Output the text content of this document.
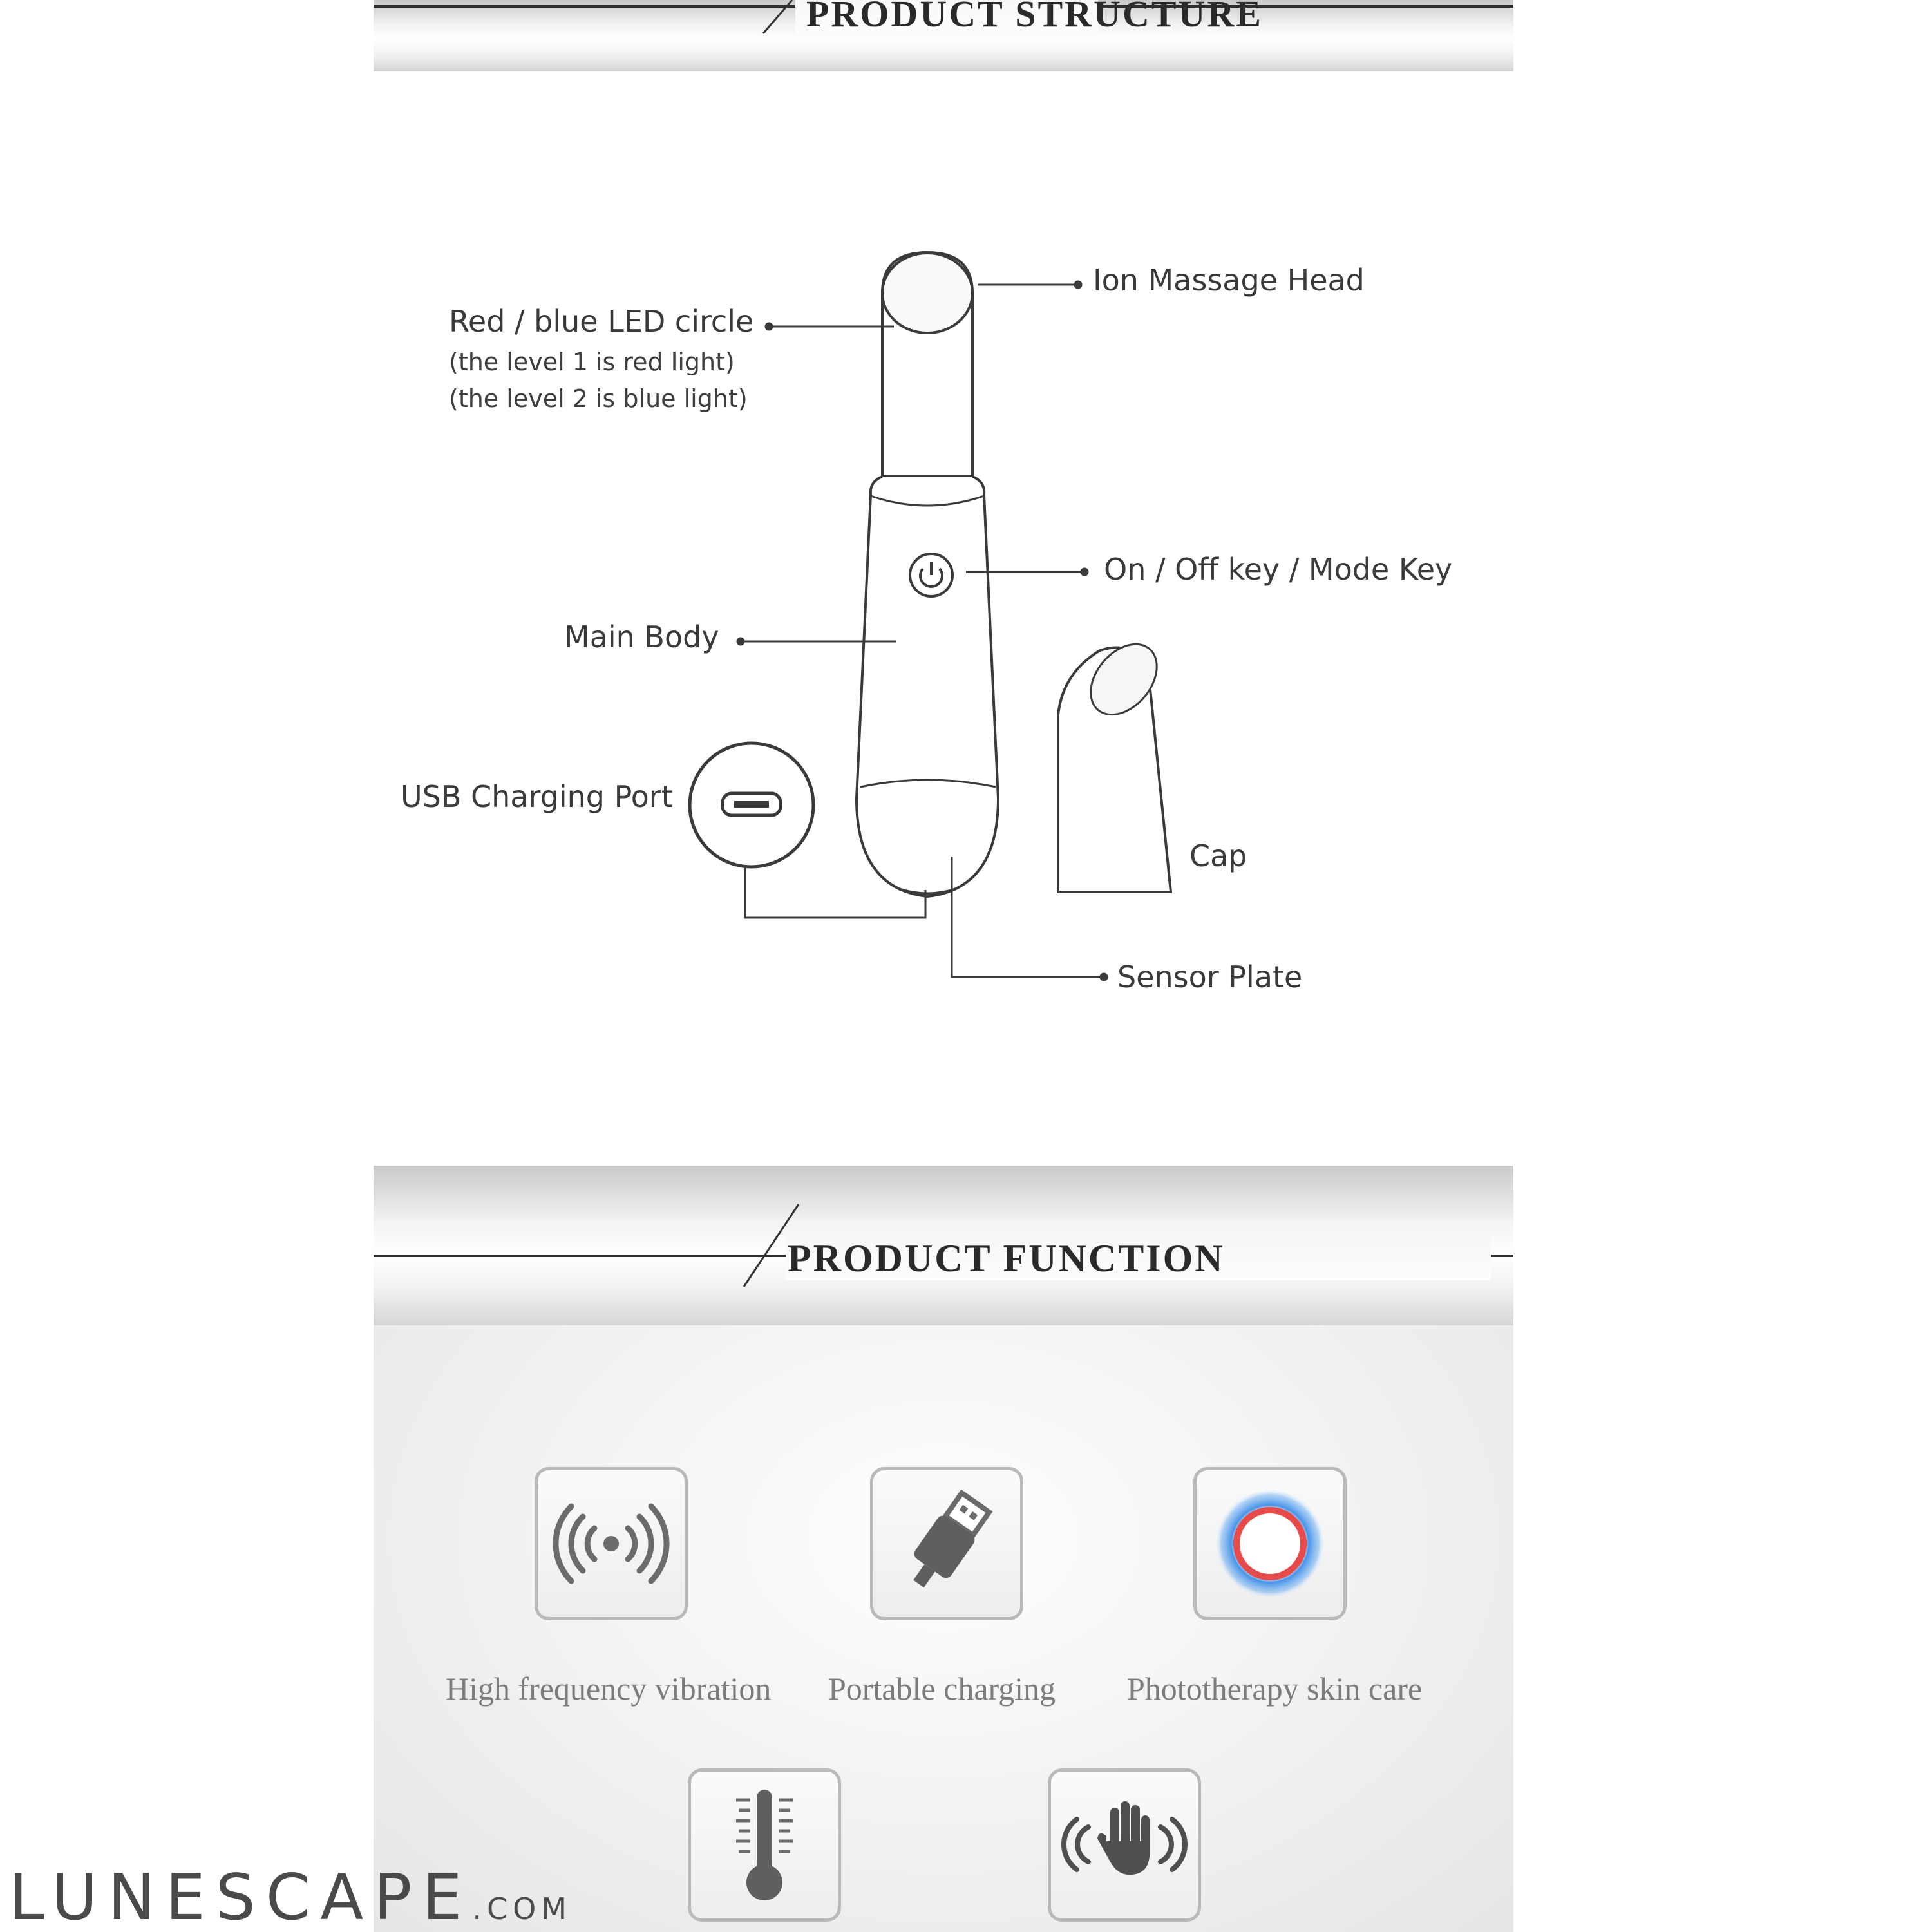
PRODUCT STRUCTURE
Ion Massage Head
Red / blue LED circle
(the level 1 is red light)
(the level 2 is blue light)
On / Off key / Mode Key
Main Body
USB Charging Port
Cap
Sensor Plate
PRODUCT FUNCTION
High frequency vibration Portable charging Phototherapy skin care
LUNESCAPE.COM
